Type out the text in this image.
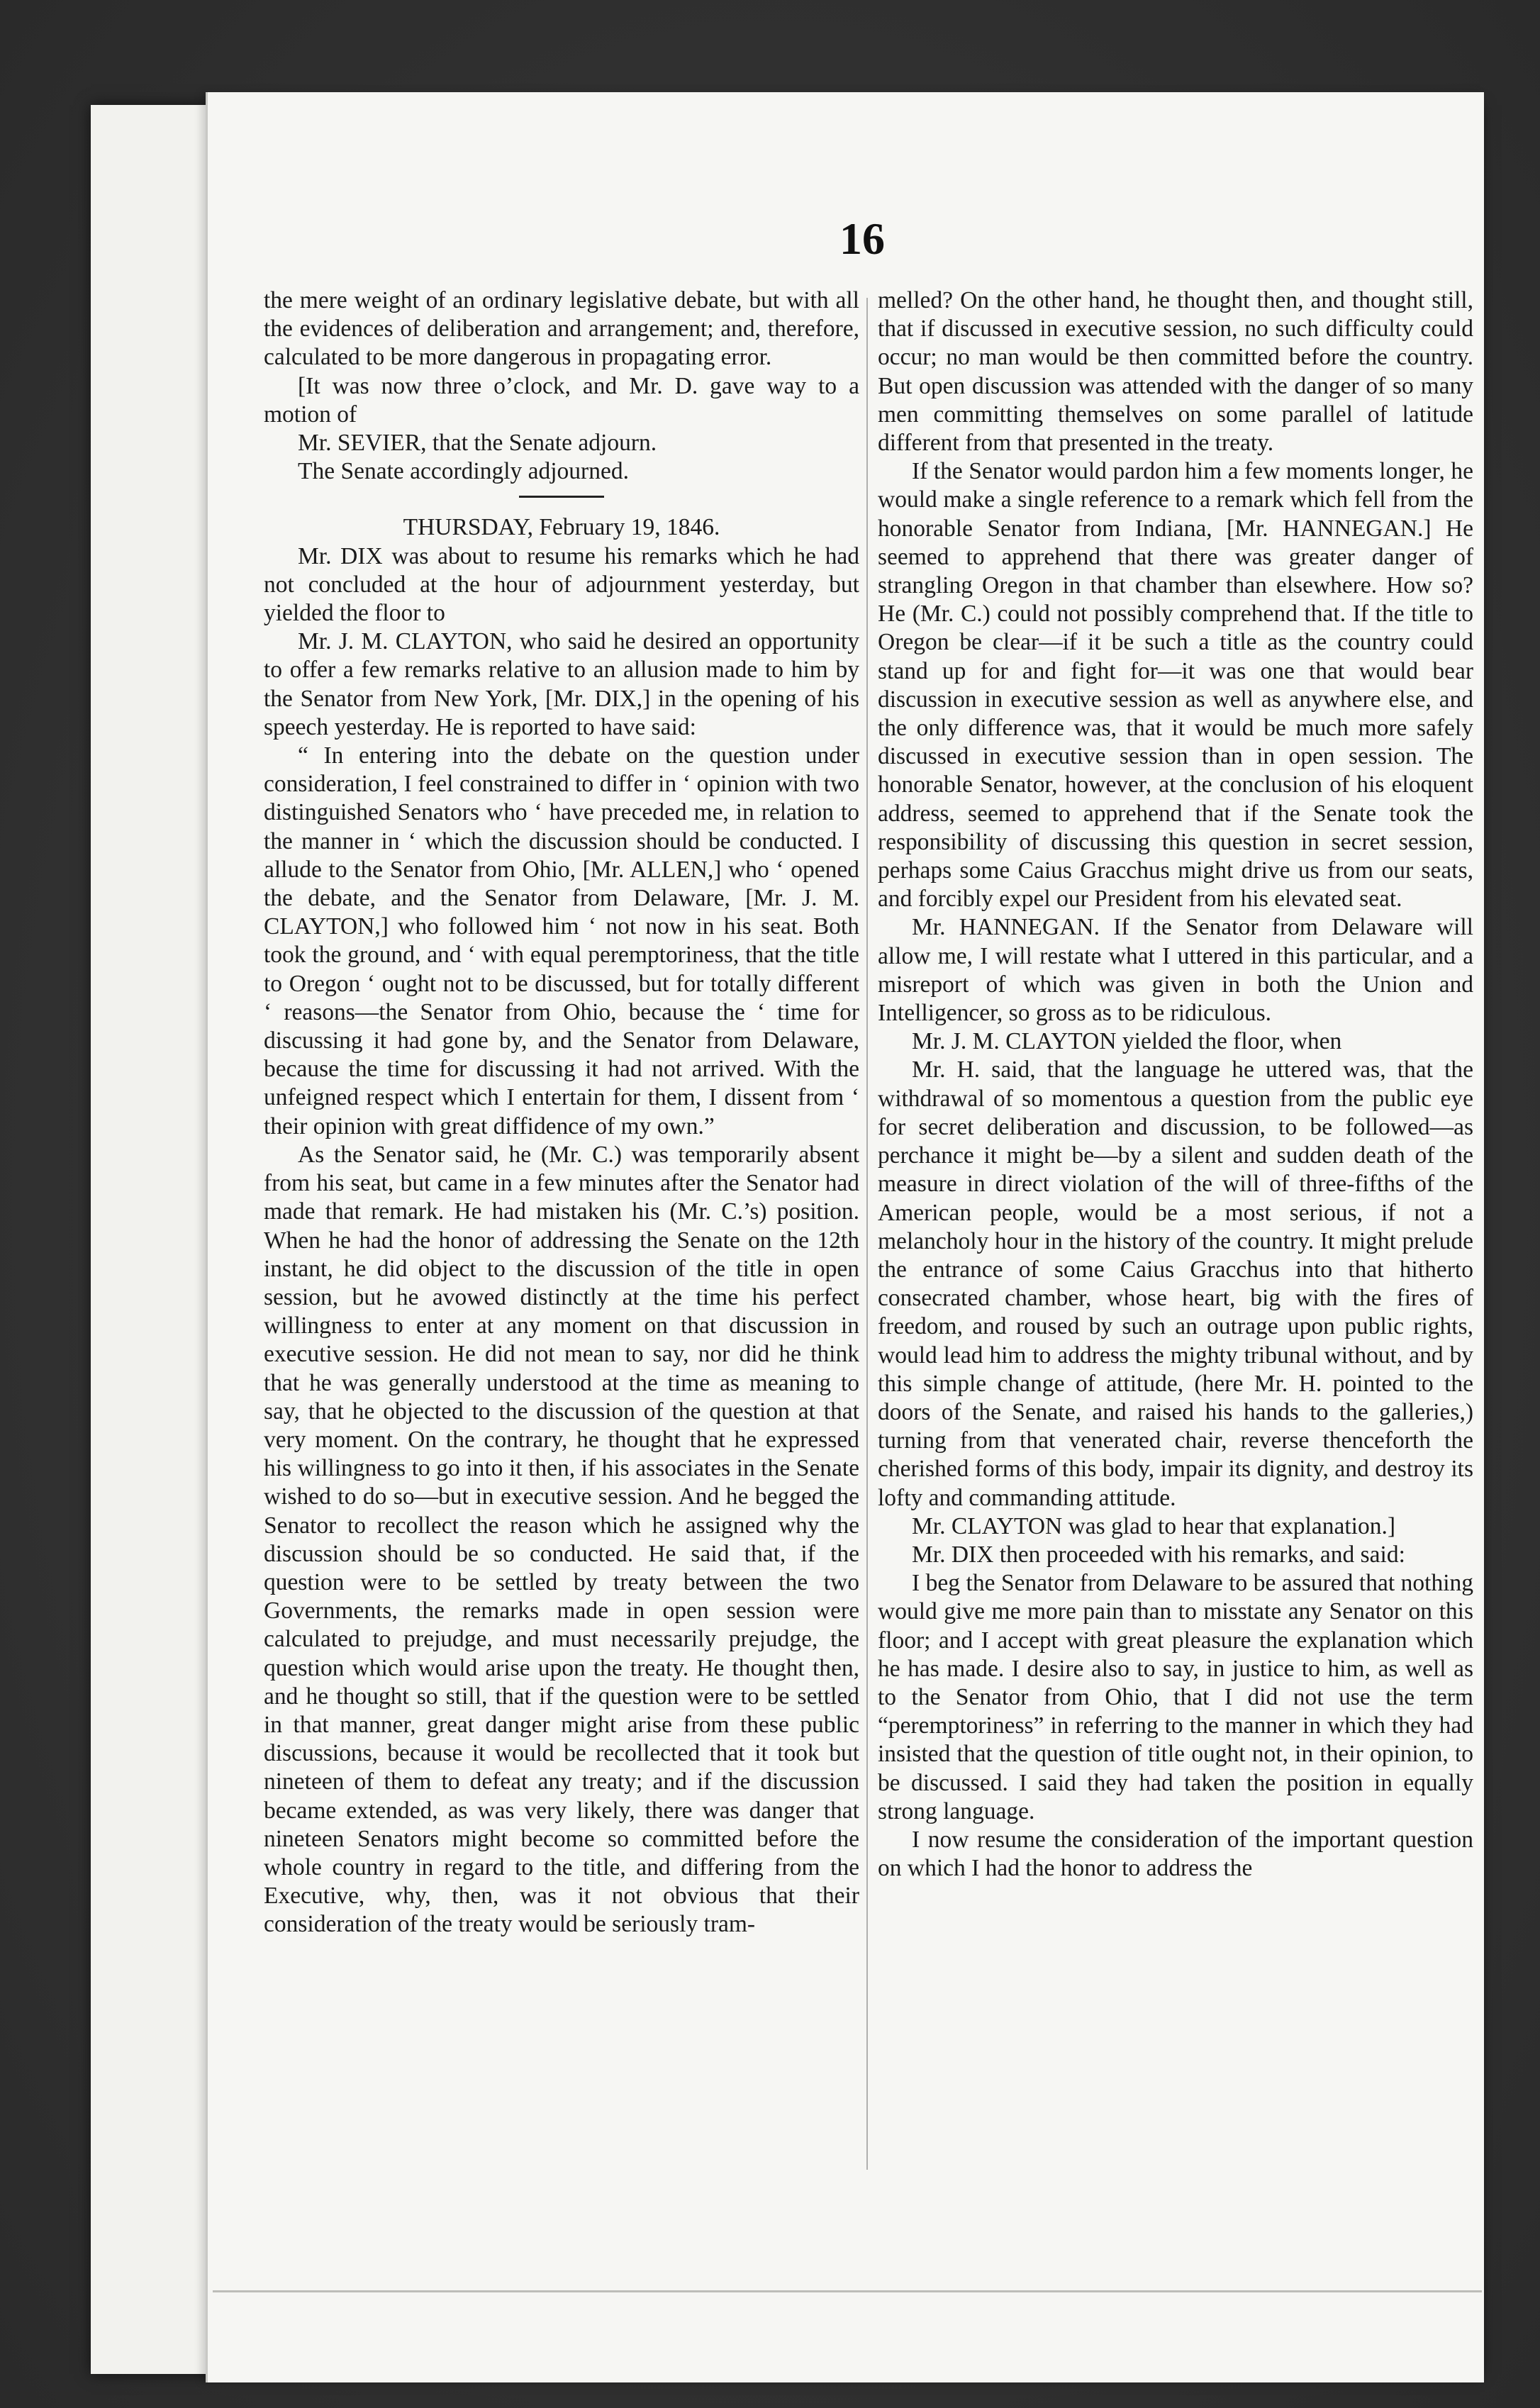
16

the mere weight of an ordinary legislative debate, but with all the evidences of deliberation and arrangement; and, therefore, calculated to be more dangerous in propagating error.

[It was now three o’clock, and Mr. D. gave way to a motion of

Mr. SEVIER, that the Senate adjourn.

The Senate accordingly adjourned.

THURSDAY, February 19, 1846.

Mr. DIX was about to resume his remarks which he had not concluded at the hour of adjournment yesterday, but yielded the floor to

Mr. J. M. CLAYTON, who said he desired an opportunity to offer a few remarks relative to an allusion made to him by the Senator from New York, [Mr. DIX,] in the opening of his speech yesterday. He is reported to have said:

“ In entering into the debate on the question under consideration, I feel constrained to differ in ‘ opinion with two distinguished Senators who ‘ have preceded me, in relation to the manner in ‘ which the discussion should be conducted. I allude to the Senator from Ohio, [Mr. ALLEN,] who ‘ opened the debate, and the Senator from Delaware, [Mr. J. M. CLAYTON,] who followed him ‘ not now in his seat. Both took the ground, and ‘ with equal peremptoriness, that the title to Oregon ‘ ought not to be discussed, but for totally different ‘ reasons—the Senator from Ohio, because the ‘ time for discussing it had gone by, and the Senator from Delaware, because the time for discussing it had not arrived. With the unfeigned respect which I entertain for them, I dissent from ‘ their opinion with great diffidence of my own.”

As the Senator said, he (Mr. C.) was temporarily absent from his seat, but came in a few minutes after the Senator had made that remark. He had mistaken his (Mr. C.’s) position. When he had the honor of addressing the Senate on the 12th instant, he did object to the discussion of the title in open session, but he avowed distinctly at the time his perfect willingness to enter at any moment on that discussion in executive session. He did not mean to say, nor did he think that he was generally understood at the time as meaning to say, that he objected to the discussion of the question at that very moment. On the contrary, he thought that he expressed his willingness to go into it then, if his associates in the Senate wished to do so—but in executive session. And he begged the Senator to recollect the reason which he assigned why the discussion should be so conducted. He said that, if the question were to be settled by treaty between the two Governments, the remarks made in open session were calculated to prejudge, and must necessarily prejudge, the question which would arise upon the treaty. He thought then, and he thought so still, that if the question were to be settled in that manner, great danger might arise from these public discussions, because it would be recollected that it took but nineteen of them to defeat any treaty; and if the discussion became extended, as was very likely, there was danger that nineteen Senators might become so committed before the whole country in regard to the title, and differing from the Executive, why, then, was it not obvious that their consideration of the treaty would be seriously tram-

melled? On the other hand, he thought then, and thought still, that if discussed in executive session, no such difficulty could occur; no man would be then committed before the country. But open discussion was attended with the danger of so many men committing themselves on some parallel of latitude different from that presented in the treaty.

If the Senator would pardon him a few moments longer, he would make a single reference to a remark which fell from the honorable Senator from Indiana, [Mr. HANNEGAN.] He seemed to apprehend that there was greater danger of strangling Oregon in that chamber than elsewhere. How so? He (Mr. C.) could not possibly comprehend that. If the title to Oregon be clear—if it be such a title as the country could stand up for and fight for—it was one that would bear discussion in executive session as well as anywhere else, and the only difference was, that it would be much more safely discussed in executive session than in open session. The honorable Senator, however, at the conclusion of his eloquent address, seemed to apprehend that if the Senate took the responsibility of discussing this question in secret session, perhaps some Caius Gracchus might drive us from our seats, and forcibly expel our President from his elevated seat.

Mr. HANNEGAN. If the Senator from Delaware will allow me, I will restate what I uttered in this particular, and a misreport of which was given in both the Union and Intelligencer, so gross as to be ridiculous.

Mr. J. M. CLAYTON yielded the floor, when

Mr. H. said, that the language he uttered was, that the withdrawal of so momentous a question from the public eye for secret deliberation and discussion, to be followed—as perchance it might be—by a silent and sudden death of the measure in direct violation of the will of three-fifths of the American people, would be a most serious, if not a melancholy hour in the history of the country. It might prelude the entrance of some Caius Gracchus into that hitherto consecrated chamber, whose heart, big with the fires of freedom, and roused by such an outrage upon public rights, would lead him to address the mighty tribunal without, and by this simple change of attitude, (here Mr. H. pointed to the doors of the Senate, and raised his hands to the galleries,) turning from that venerated chair, reverse thenceforth the cherished forms of this body, impair its dignity, and destroy its lofty and commanding attitude.

Mr. CLAYTON was glad to hear that explanation.]

Mr. DIX then proceeded with his remarks, and said:

I beg the Senator from Delaware to be assured that nothing would give me more pain than to misstate any Senator on this floor; and I accept with great pleasure the explanation which he has made. I desire also to say, in justice to him, as well as to the Senator from Ohio, that I did not use the term “peremptoriness” in referring to the manner in which they had insisted that the question of title ought not, in their opinion, to be discussed. I said they had taken the position in equally strong language.

I now resume the consideration of the important question on which I had the honor to address the
